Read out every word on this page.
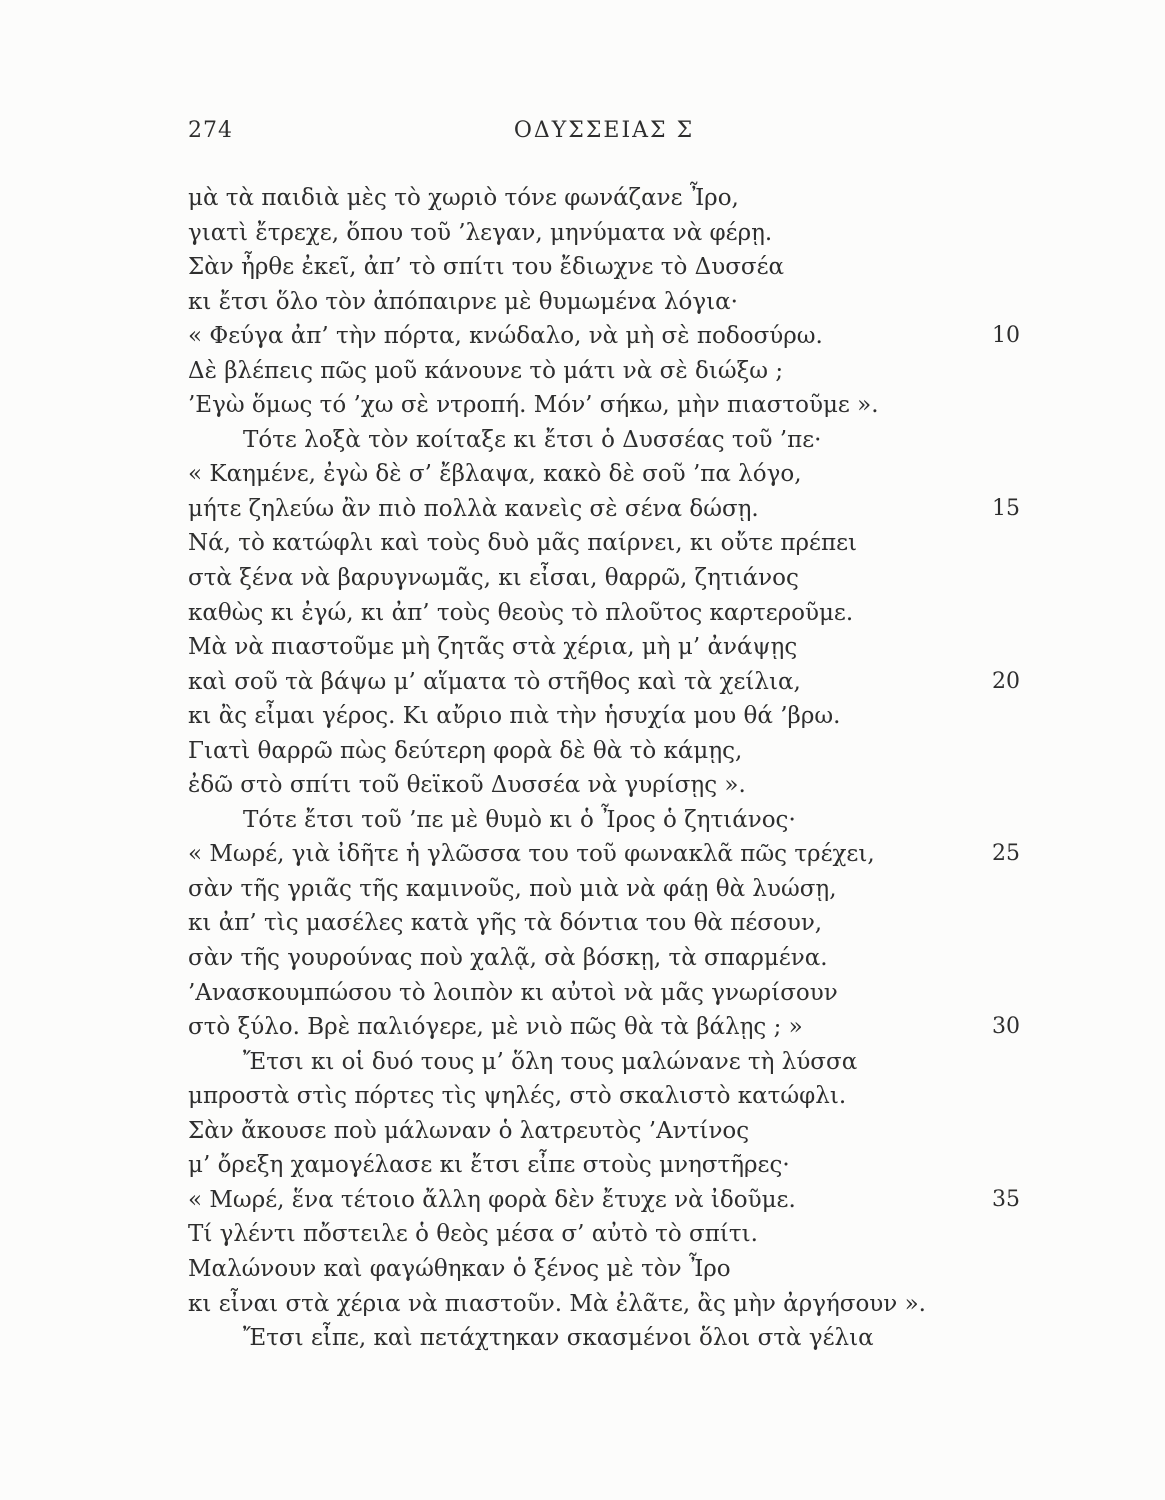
274	ΟΔΥΣΣΕΙΑΣ Σ
μὰ τὰ παιδιὰ μὲς τὸ χωριὸ τόνε φωνάζανε Ἶρο,
γιατὶ ἔτρεχε, ὅπου τοῦ ’λεγαν, μηνύματα νὰ φέρῃ.
Σὰν ἦρθε ἐκεῖ, ἀπ’ τὸ σπίτι του ἔδιωχνε τὸ Δυσσέα
κι ἔτσι ὅλο τὸν ἀπόπαιρνε μὲ θυμωμένα λόγια·
« Φεύγα ἀπ’ τὴν πόρτα, κνώδαλο, νὰ μὴ σὲ ποδοσύρω.	10
Δὲ βλέπεις πῶς μοῦ κάνουνε τὸ μάτι νὰ σὲ διώξω ;
’Εγὼ ὅμως τό ’χω σὲ ντροπή. Μόν’ σήκω, μὴν πιαστοῦμε ».
Τότε λοξὰ τὸν κοίταξε κι ἔτσι ὁ Δυσσέας τοῦ ’πε·
« Καημένε, ἐγὼ δὲ σ’ ἔβλαψα, κακὸ δὲ σοῦ ’πα λόγο,
μήτε ζηλεύω ἂν πιὸ πολλὰ κανεὶς σὲ σένα δώσῃ.	15
Νά, τὸ κατώφλι καὶ τοὺς δυὸ μᾶς παίρνει, κι οὔτε πρέπει
στὰ ξένα νὰ βαρυγνωμᾶς, κι εἶσαι, θαρρῶ, ζητιάνος
καθὼς κι ἐγώ, κι ἀπ’ τοὺς θεοὺς τὸ πλοῦτος καρτεροῦμε.
Μὰ νὰ πιαστοῦμε μὴ ζητᾶς στὰ χέρια, μὴ μ’ ἀνάψῃς
καὶ σοῦ τὰ βάψω μ’ αἵματα τὸ στῆθος καὶ τὰ χείλια,	20
κι ἂς εἶμαι γέρος. Κι αὔριο πιὰ τὴν ἡσυχία μου θά ’βρω.
Γιατὶ θαρρῶ πὼς δεύτερη φορὰ δὲ θὰ τὸ κάμῃς,
ἐδῶ στὸ σπίτι τοῦ θεϊκοῦ Δυσσέα νὰ γυρίσῃς ».
Τότε ἔτσι τοῦ ’πε μὲ θυμὸ κι ὁ Ἶρος ὁ ζητιάνος·
« Μωρέ, γιὰ ἰδῆτε ἡ γλῶσσα του τοῦ φωνακλᾶ πῶς τρέχει,	25
σὰν τῆς γριᾶς τῆς καμινοῦς, ποὺ μιὰ νὰ φάῃ θὰ λυώσῃ,
κι ἀπ’ τὶς μασέλες κατὰ γῆς τὰ δόντια του θὰ πέσουν,
σὰν τῆς γουρούνας ποὺ χαλᾷ, σὰ βόσκῃ, τὰ σπαρμένα.
’Ανασκουμπώσου τὸ λοιπὸν κι αὐτοὶ νὰ μᾶς γνωρίσουν
στὸ ξύλο. Βρὲ παλιόγερε, μὲ νιὸ πῶς θὰ τὰ βάλῃς ; »	30
Ἔτσι κι οἱ δυό τους μ’ ὅλη τους μαλώνανε τὴ λύσσα
μπροστὰ στὶς πόρτες τὶς ψηλές, στὸ σκαλιστὸ κατώφλι.
Σὰν ἄκουσε ποὺ μάλωναν ὁ λατρευτὸς ’Αντίνος
μ’ ὄρεξη χαμογέλασε κι ἔτσι εἶπε στοὺς μνηστῆρες·
« Μωρέ, ἕνα τέτοιο ἄλλη φορὰ δὲν ἔτυχε νὰ ἰδοῦμε.	35
Τί γλέντι πὄστειλε ὁ θεὸς μέσα σ’ αὐτὸ τὸ σπίτι.
Μαλώνουν καὶ φαγώθηκαν ὁ ξένος μὲ τὸν Ἶρο
κι εἶναι στὰ χέρια νὰ πιαστοῦν. Μὰ ἐλᾶτε, ἂς μὴν ἀργήσουν ».
Ἔτσι εἶπε, καὶ πετάχτηκαν σκασμένοι ὅλοι στὰ γέλια
